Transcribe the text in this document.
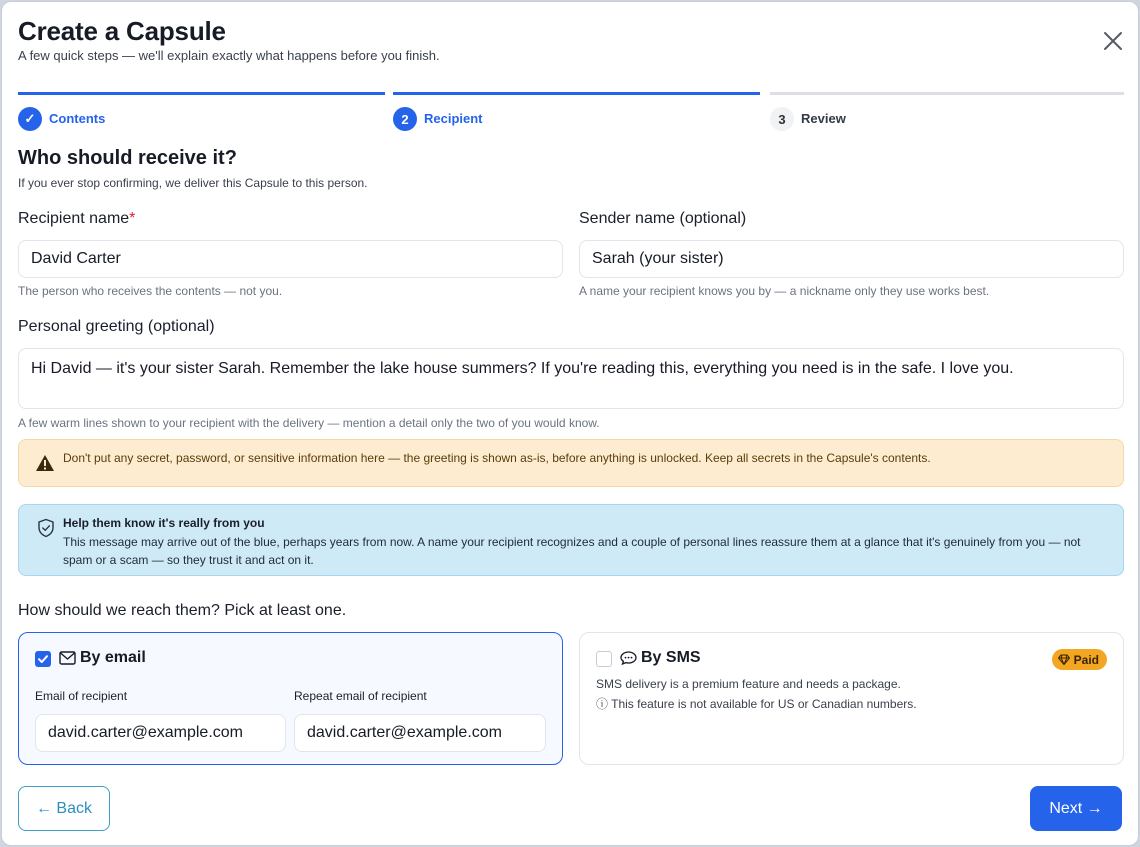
Create a Capsule
A few quick steps — we'll explain exactly what happens before you finish.
✓	Contents	2	Recipient	3	Review
Who should receive it?
If you ever stop confirming, we deliver this Capsule to this person.
Recipient name*
David Carter
The person who receives the contents — not you.
Sender name (optional)
Sarah (your sister)
A name your recipient knows you by — a nickname only they use works best.
Personal greeting (optional)
Hi David — it's your sister Sarah. Remember the lake house summers? If you're reading this, everything you need is in the safe. I love you.
A few warm lines shown to your recipient with the delivery — mention a detail only the two of you would know.
Don't put any secret, password, or sensitive information here — the greeting is shown as-is, before anything is unlocked. Keep all secrets in the Capsule's contents.
Help them know it's really from you
This message may arrive out of the blue, perhaps years from now. A name your recipient recognizes and a couple of personal lines reassure them at a glance that it's genuinely from you — not spam or a scam — so they trust it and act on it.
How should we reach them? Pick at least one.
By email
Email of recipient
david.carter@example.com
Repeat email of recipient
david.carter@example.com
By SMS	Paid
SMS delivery is a premium feature and needs a package.
ⓘ This feature is not available for US or Canadian numbers.
← Back	Next →
